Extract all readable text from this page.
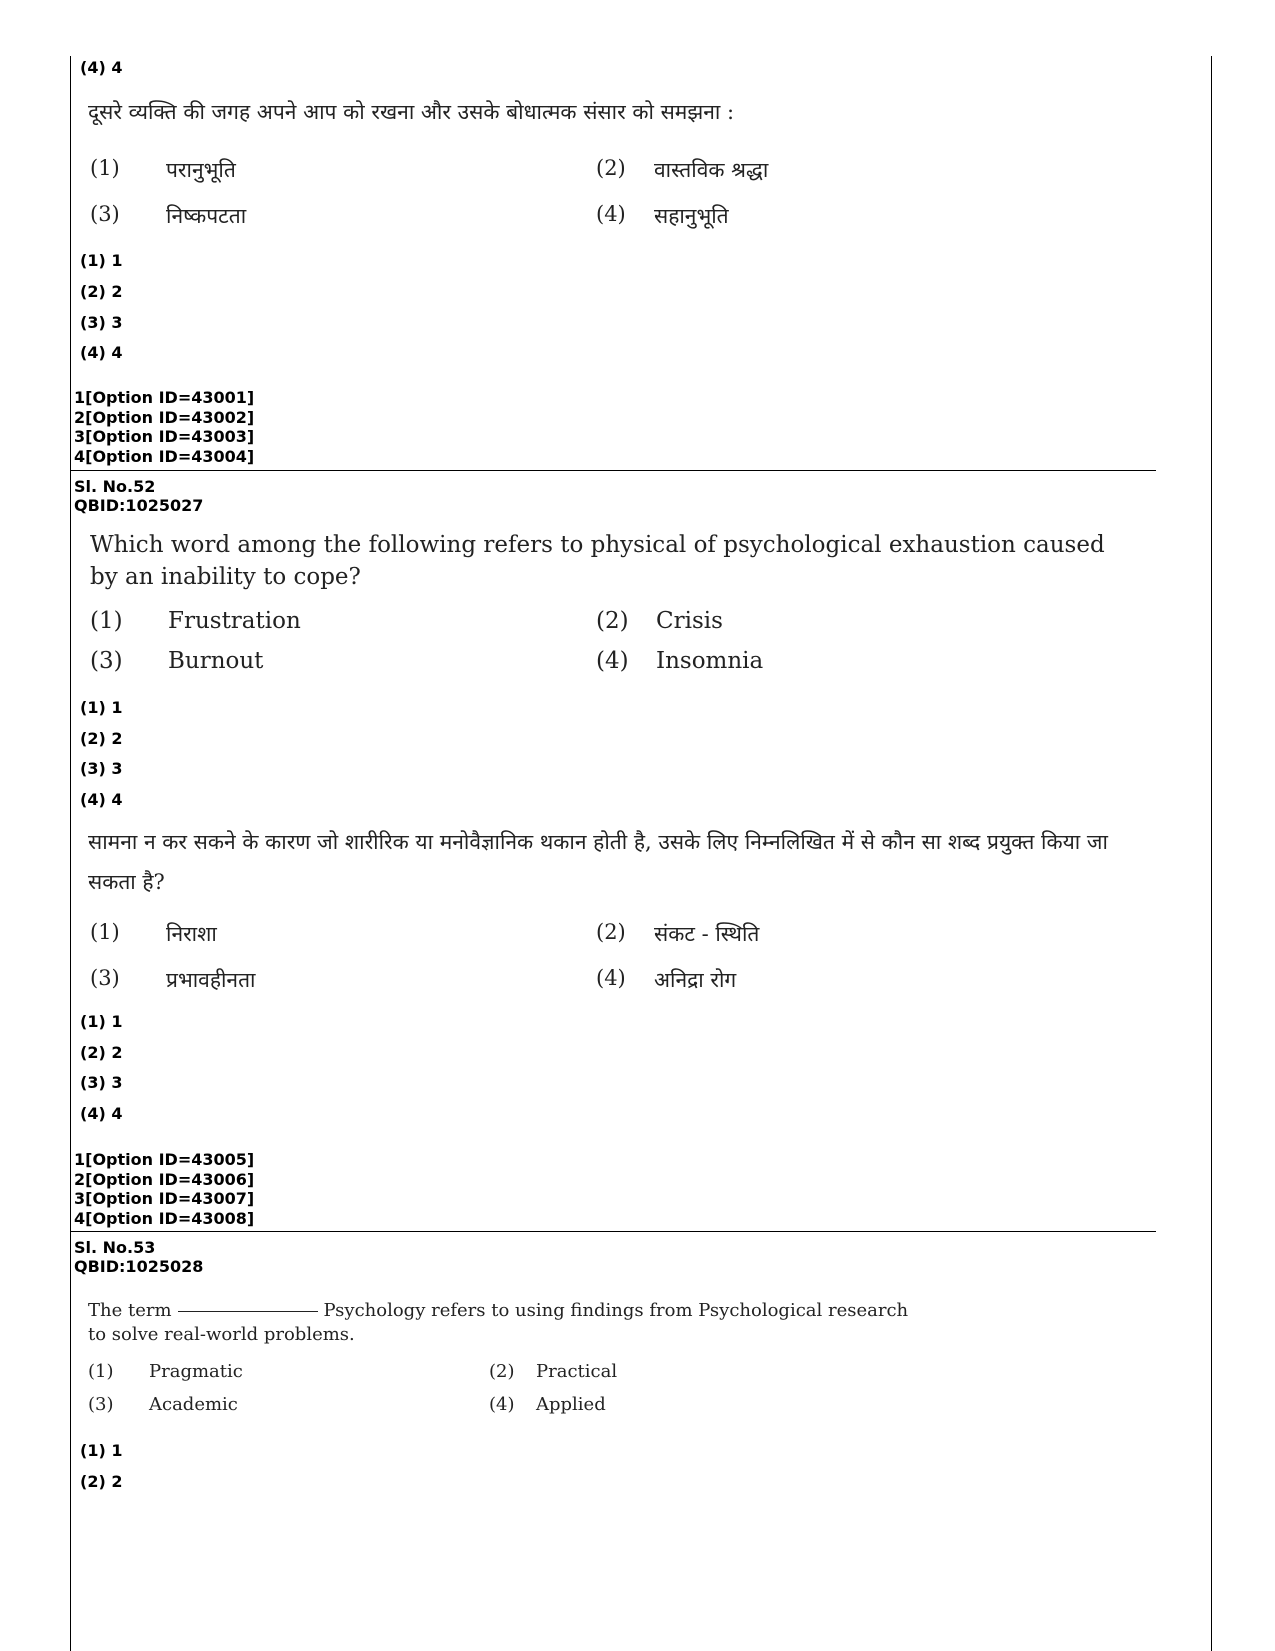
(4) 4
दूसरे व्यक्ति की जगह अपने आप को रखना और उसके बोधात्मक संसार को समझना :
(1) परानुभूति	(2) वास्तविक श्रद्धा
(3) निष्कपटता	(4) सहानुभूति
(1) 1
(2) 2
(3) 3
(4) 4
1[Option ID=43001]
2[Option ID=43002]
3[Option ID=43003]
4[Option ID=43004]
Sl. No.52
QBID:1025027
Which word among the following refers to physical of psychological exhaustion caused by an inability to cope?
(1) Frustration	(2) Crisis
(3) Burnout	(4) Insomnia
(1) 1
(2) 2
(3) 3
(4) 4
सामना न कर सकने के कारण जो शारीरिक या मनोवैज्ञानिक थकान होती है, उसके लिए निम्नलिखित में से कौन सा शब्द प्रयुक्त किया जा सकता है?
(1) निराशा	(2) संकट - स्थिति
(3) प्रभावहीनता	(4) अनिद्रा रोग
(1) 1
(2) 2
(3) 3
(4) 4
1[Option ID=43005]
2[Option ID=43006]
3[Option ID=43007]
4[Option ID=43008]
Sl. No.53
QBID:1025028
The term	Psychology refers to using findings from Psychological research to solve real-world problems.
(1) Pragmatic	(2) Practical
(3) Academic	(4) Applied
(1) 1
(2) 2
